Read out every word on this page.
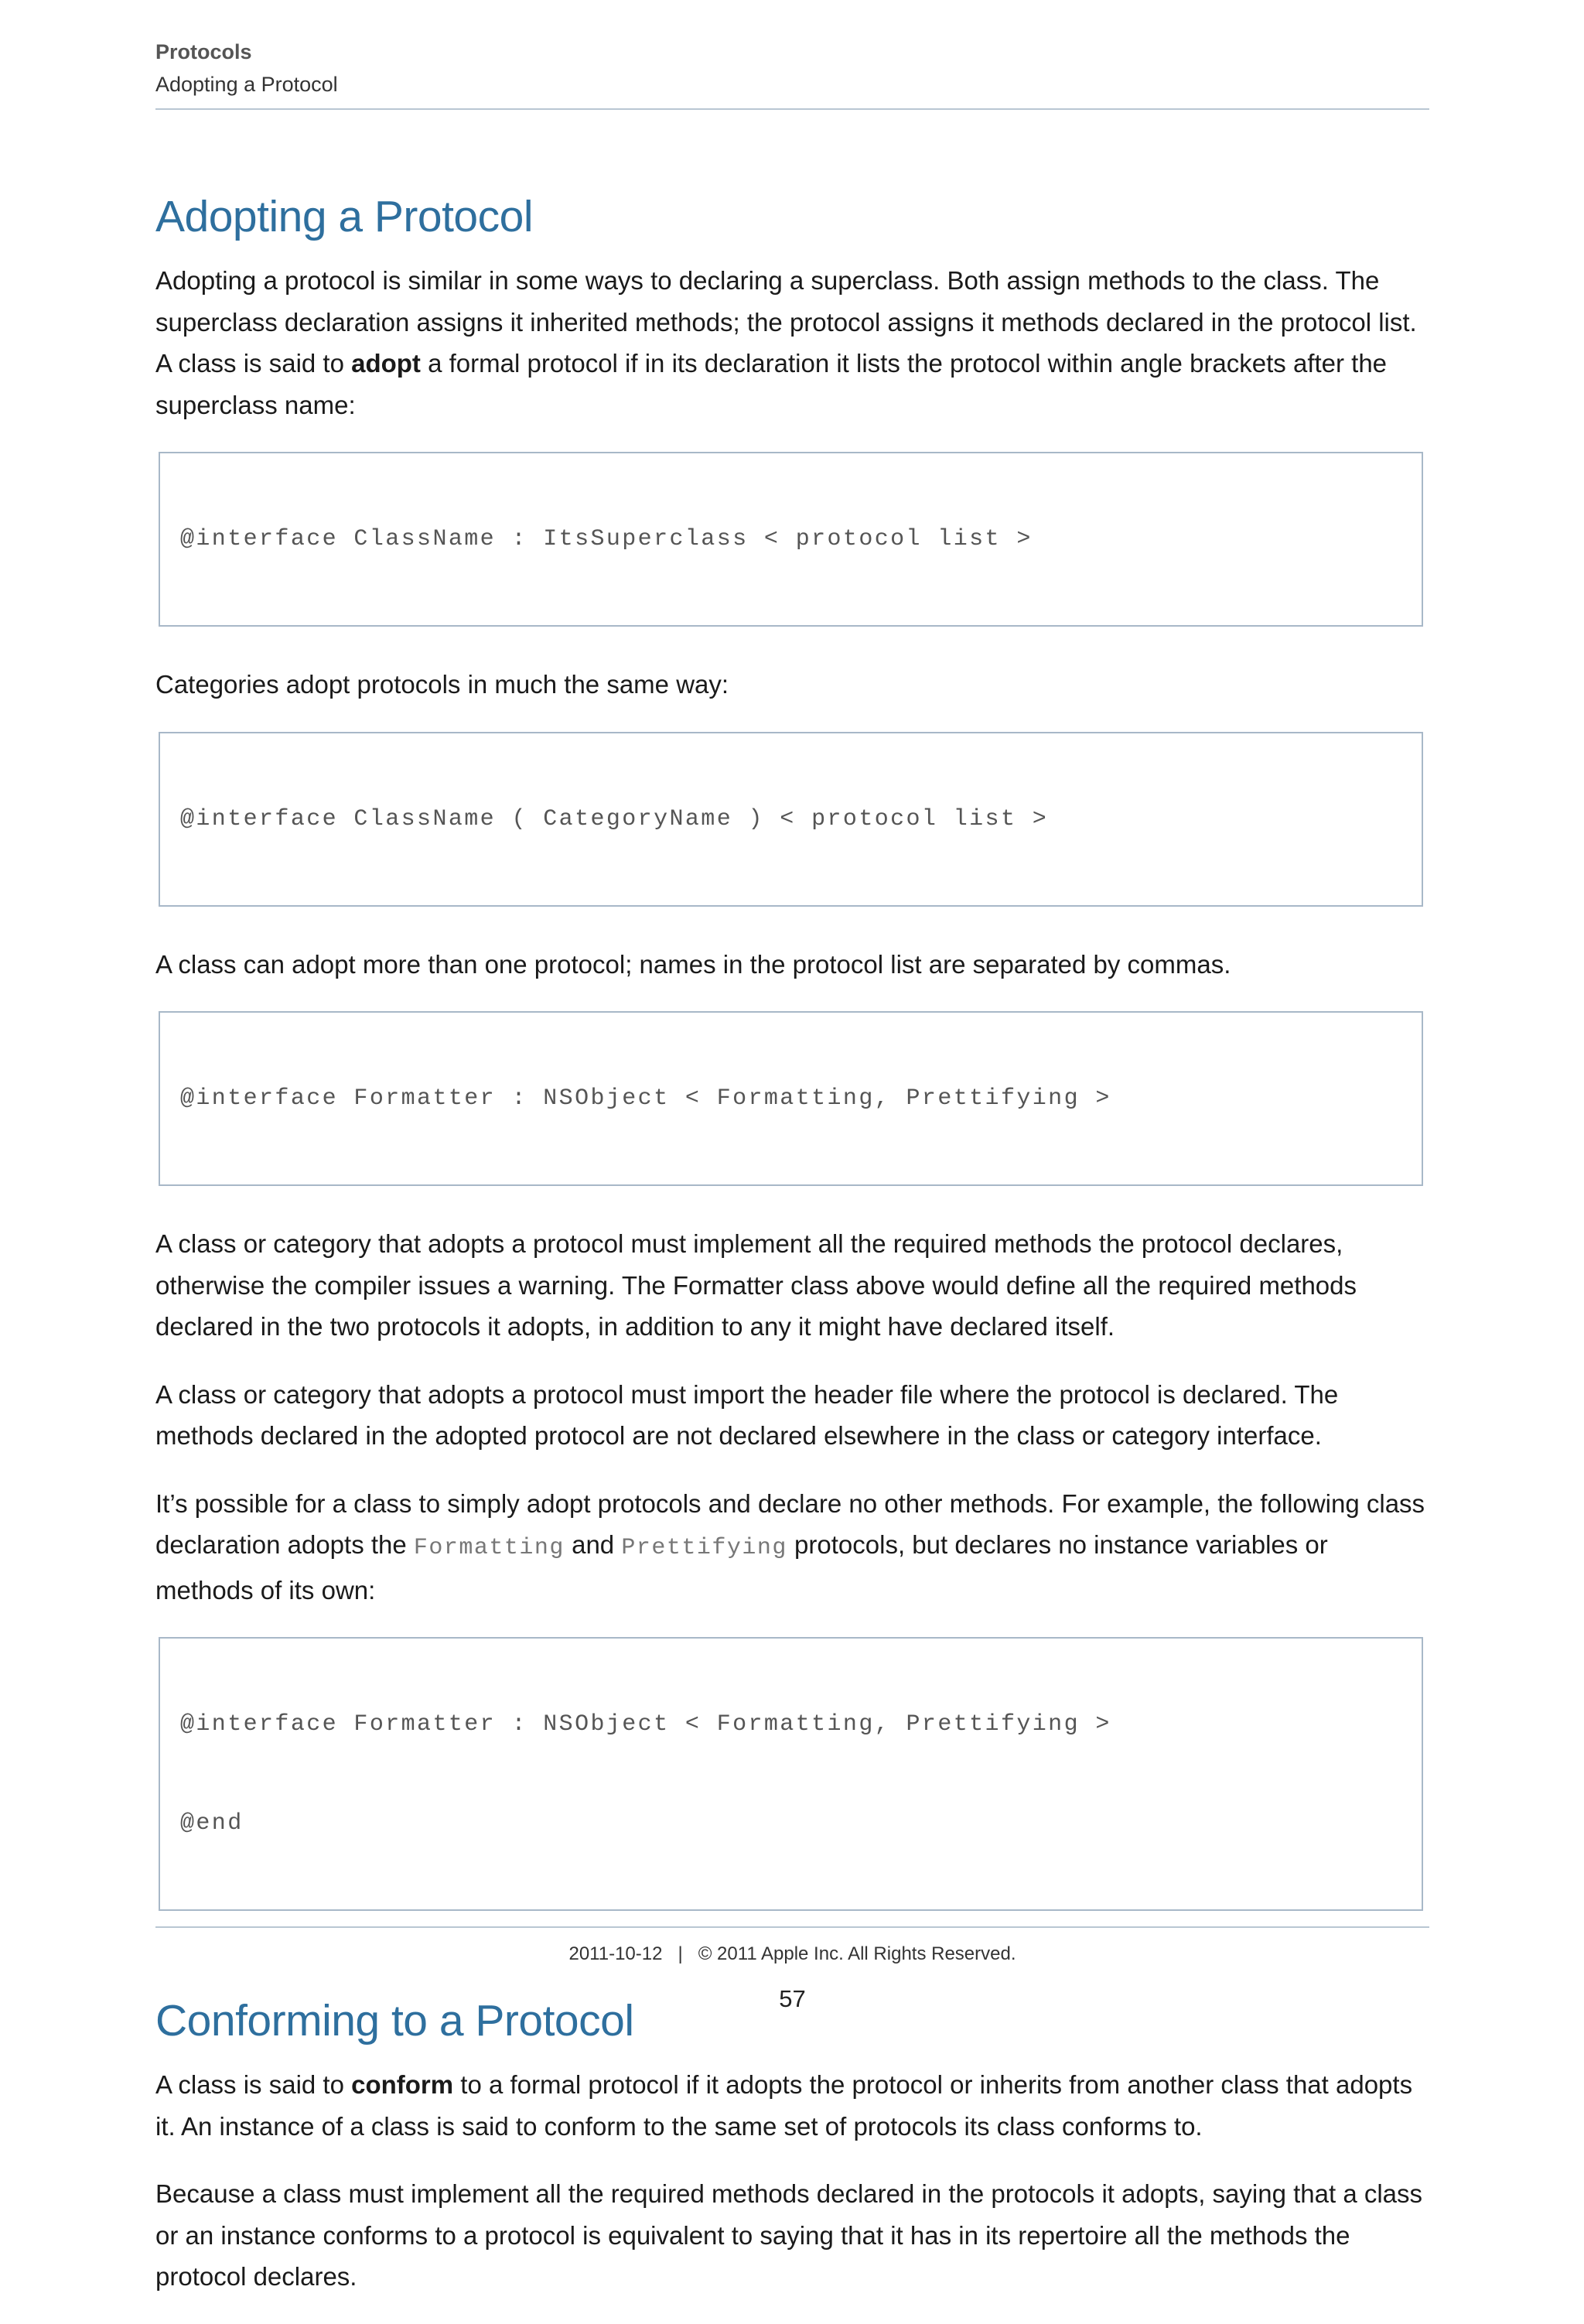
Protocols
Adopting a Protocol
Adopting a Protocol

Adopting a protocol is similar in some ways to declaring a superclass. Both assign methods to the class. The superclass declaration assigns it inherited methods; the protocol assigns it methods declared in the protocol list. A class is said to adopt a formal protocol if in its declaration it lists the protocol within angle brackets after the superclass name:

@interface ClassName : ItsSuperclass < protocol list >

Categories adopt protocols in much the same way:

@interface ClassName ( CategoryName ) < protocol list >

A class can adopt more than one protocol; names in the protocol list are separated by commas.

@interface Formatter : NSObject < Formatting, Prettifying >

A class or category that adopts a protocol must implement all the required methods the protocol declares, otherwise the compiler issues a warning. The Formatter class above would define all the required methods declared in the two protocols it adopts, in addition to any it might have declared itself.

A class or category that adopts a protocol must import the header file where the protocol is declared. The methods declared in the adopted protocol are not declared elsewhere in the class or category interface.

It’s possible for a class to simply adopt protocols and declare no other methods. For example, the following class declaration adopts the Formatting and Prettifying protocols, but declares no instance variables or methods of its own:

@interface Formatter : NSObject < Formatting, Prettifying >

@end

Conforming to a Protocol

A class is said to conform to a formal protocol if it adopts the protocol or inherits from another class that adopts it. An instance of a class is said to conform to the same set of protocols its class conforms to.

Because a class must implement all the required methods declared in the protocols it adopts, saying that a class or an instance conforms to a protocol is equivalent to saying that it has in its repertoire all the methods the protocol declares.

2011-10-12 | © 2011 Apple Inc. All Rights Reserved.
57
